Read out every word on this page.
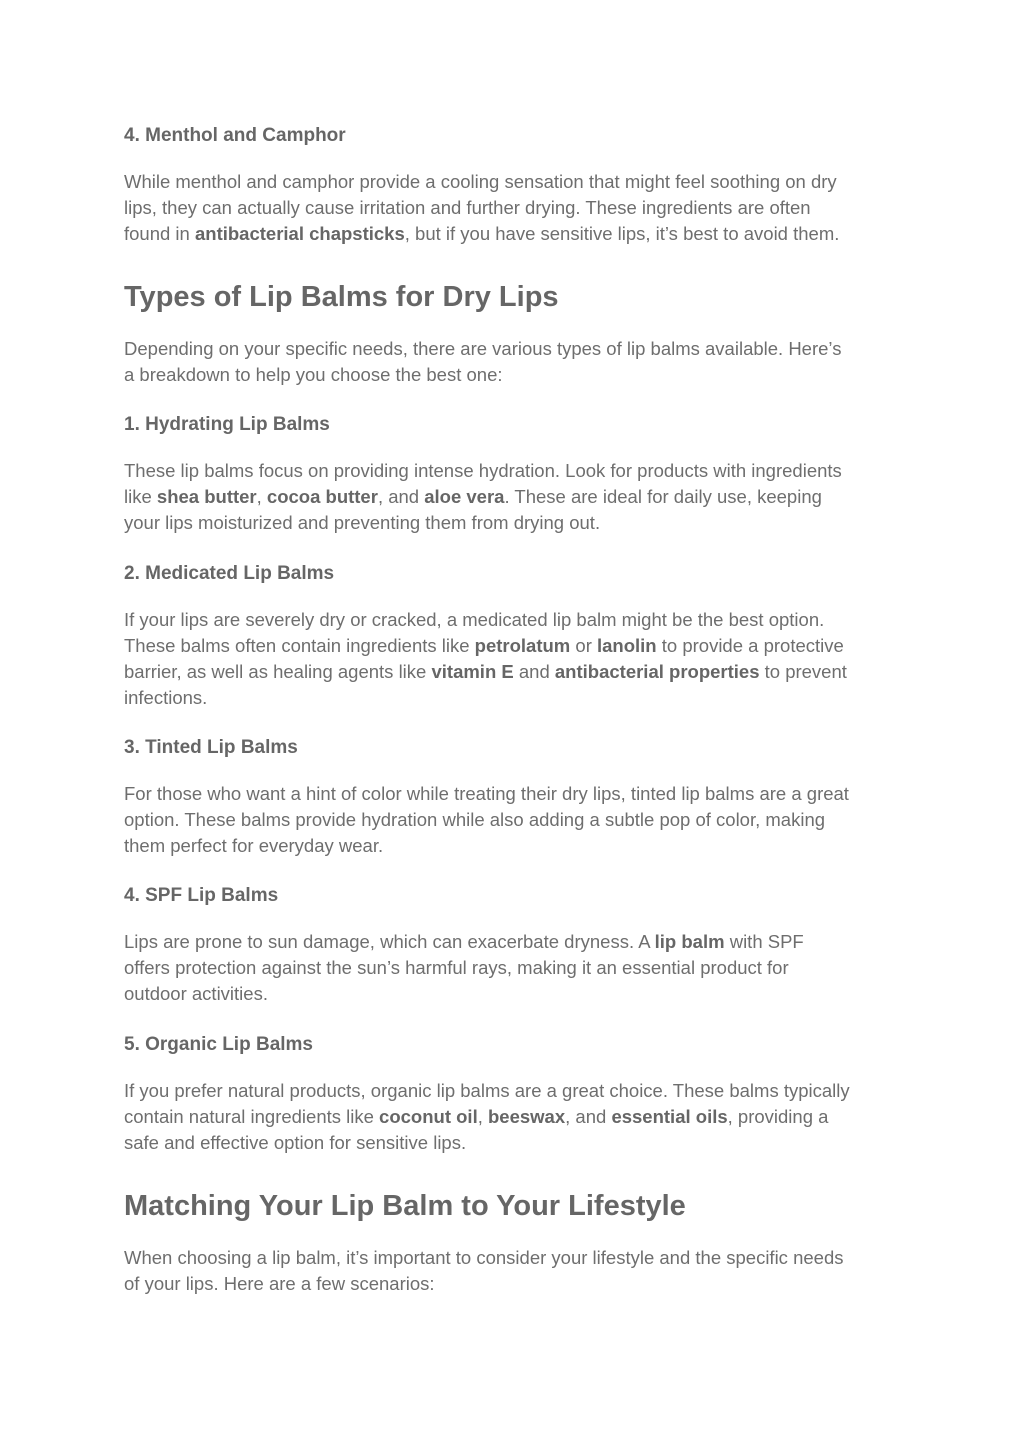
4. Menthol and Camphor
While menthol and camphor provide a cooling sensation that might feel soothing on dry
lips, they can actually cause irritation and further drying. These ingredients are often
found in antibacterial chapsticks, but if you have sensitive lips, it’s best to avoid them.
Types of Lip Balms for Dry Lips
Depending on your specific needs, there are various types of lip balms available. Here’s
a breakdown to help you choose the best one:
1. Hydrating Lip Balms
These lip balms focus on providing intense hydration. Look for products with ingredients
like shea butter, cocoa butter, and aloe vera. These are ideal for daily use, keeping
your lips moisturized and preventing them from drying out.
2. Medicated Lip Balms
If your lips are severely dry or cracked, a medicated lip balm might be the best option.
These balms often contain ingredients like petrolatum or lanolin to provide a protective
barrier, as well as healing agents like vitamin E and antibacterial properties to prevent
infections.
3. Tinted Lip Balms
For those who want a hint of color while treating their dry lips, tinted lip balms are a great
option. These balms provide hydration while also adding a subtle pop of color, making
them perfect for everyday wear.
4. SPF Lip Balms
Lips are prone to sun damage, which can exacerbate dryness. A lip balm with SPF
offers protection against the sun’s harmful rays, making it an essential product for
outdoor activities.
5. Organic Lip Balms
If you prefer natural products, organic lip balms are a great choice. These balms typically
contain natural ingredients like coconut oil, beeswax, and essential oils, providing a
safe and effective option for sensitive lips.
Matching Your Lip Balm to Your Lifestyle
When choosing a lip balm, it’s important to consider your lifestyle and the specific needs
of your lips. Here are a few scenarios:
